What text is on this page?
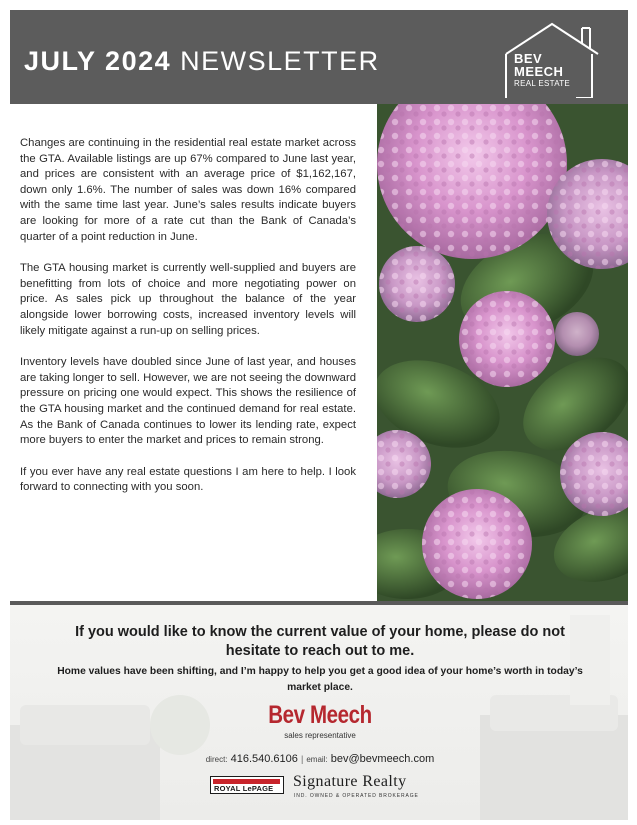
JULY 2024 NEWSLETTER	BEV
MEECH
REAL ESTATE

Changes are continuing in the residential real estate market across the GTA. Available listings are up 67% compared to June last year, and prices are consistent with an average price of $1,162,167, down only 1.6%. The number of sales was down 16% compared with the same time last year. June’s sales results indicate buyers are looking for more of a rate cut than the Bank of Canada’s quarter of a point reduction in June.

The GTA housing market is currently well-supplied and buyers are benefitting from lots of choice and more negotiating power on price. As sales pick up throughout the balance of the year alongside lower borrowing costs, increased inventory levels will likely mitigate against a run-up on selling prices.

Inventory levels have doubled since June of last year, and houses are taking longer to sell. However, we are not seeing the downward pressure on pricing one would expect. This shows the resilience of the GTA housing market and the continued demand for real estate. As the Bank of Canada continues to lower its lending rate, expect more buyers to enter the market and prices to remain strong.

If you ever have any real estate questions I am here to help. I look forward to connecting with you soon.

If you would like to know the current value of your home, please do not hesitate to reach out to me.
Home values have been shifting, and I’m happy to help you get a good idea of your home’s worth in today’s market place.
Bev Meech
sales representative
direct: 416.540.6106 | email: bev@bevmeech.com
ROYAL LePAGE Signature Realty
IND. OWNED & OPERATED BROKERAGE
